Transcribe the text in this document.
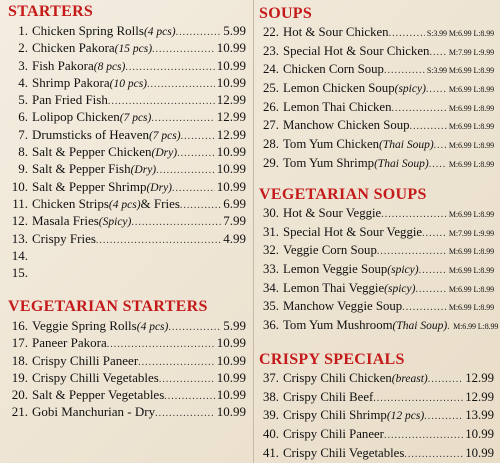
STARTERS
1. Chicken Spring Rolls (4 pcs) .....	5.99
2. Chicken Pakora (15 pcs) .....	10.99
3. Fish Pakora (8 pcs) .....	10.99
4. Shrimp Pakora (10 pcs) .....	10.99
5. Pan Fried Fish .....	12.99
6. Lolipop Chicken (7 pcs) .....	12.99
7. Drumsticks of Heaven (7 pcs) .....	12.99
8. Salt & Pepper Chicken (Dry) .....	10.99
9. Salt & Pepper Fish (Dry) .....	10.99
10. Salt & Pepper Shrimp (Dry) .....	10.99
11. Chicken Strips (4 pcs) & Fries .....	6.99
12. Masala Fries (Spicy) .....	7.99
13. Crispy Fries .....	4.99
14.
15.
VEGETARIAN STARTERS
16. Veggie Spring Rolls (4 pcs) .....	5.99
17. Paneer Pakora .....	10.99
18. Crispy Chilli Paneer .....	10.99
19. Crispy Chilli Vegetables .....	10.99
20. Salt & Pepper Vegetables .....	10.99
21. Gobi Manchurian - Dry .....	10.99
SOUPS
22. Hot & Sour Chicken .....	S:3.99 M:6.99 L:8.99
23. Special Hot & Sour Chicken ..... M:7.99 L:9.99
24. Chicken Corn Soup .....	S:3.99 M:6.99 L:8.99
25. Lemon Chicken Soup (spicy) .....	M:6.99 L:8.99
26. Lemon Thai Chicken .....	M:6.99 L:8.99
27. Manchow Chicken Soup .....	M:6.99 L:8.99
28. Tom Yum Chicken (Thai Soup) ..... M:6.99 L:8.99
29. Tom Yum Shrimp (Thai Soup) .....	M:6.99 L:8.99
VEGETARIAN SOUPS
30. Hot & Sour Veggie .....	M:6.99 L:8.99
31. Special Hot & Sour Veggie .....	M:7.99 L:9.99
32. Veggie Corn Soup .....	M:6.99 L:8.99
33. Lemon Veggie Soup (spicy) .....	M:6.99 L:8.99
34. Lemon Thai Veggie (spicy) .....	M:6.99 L:8.99
35. Manchow Veggie Soup .....	M:6.99 L:8.99
36. Tom Yum Mushroom (Thai Soup) ..... M:6.99 L:8.99
CRISPY SPECIALS
37. Crispy Chili Chicken (breast) .....	12.99
38. Crispy Chili Beef .....	12.99
39. Crispy Chili Shrimp (12 pcs) .....	13.99
40. Crispy Chili Paneer .....	10.99
41. Crispy Chili Vegetables .....	10.99
